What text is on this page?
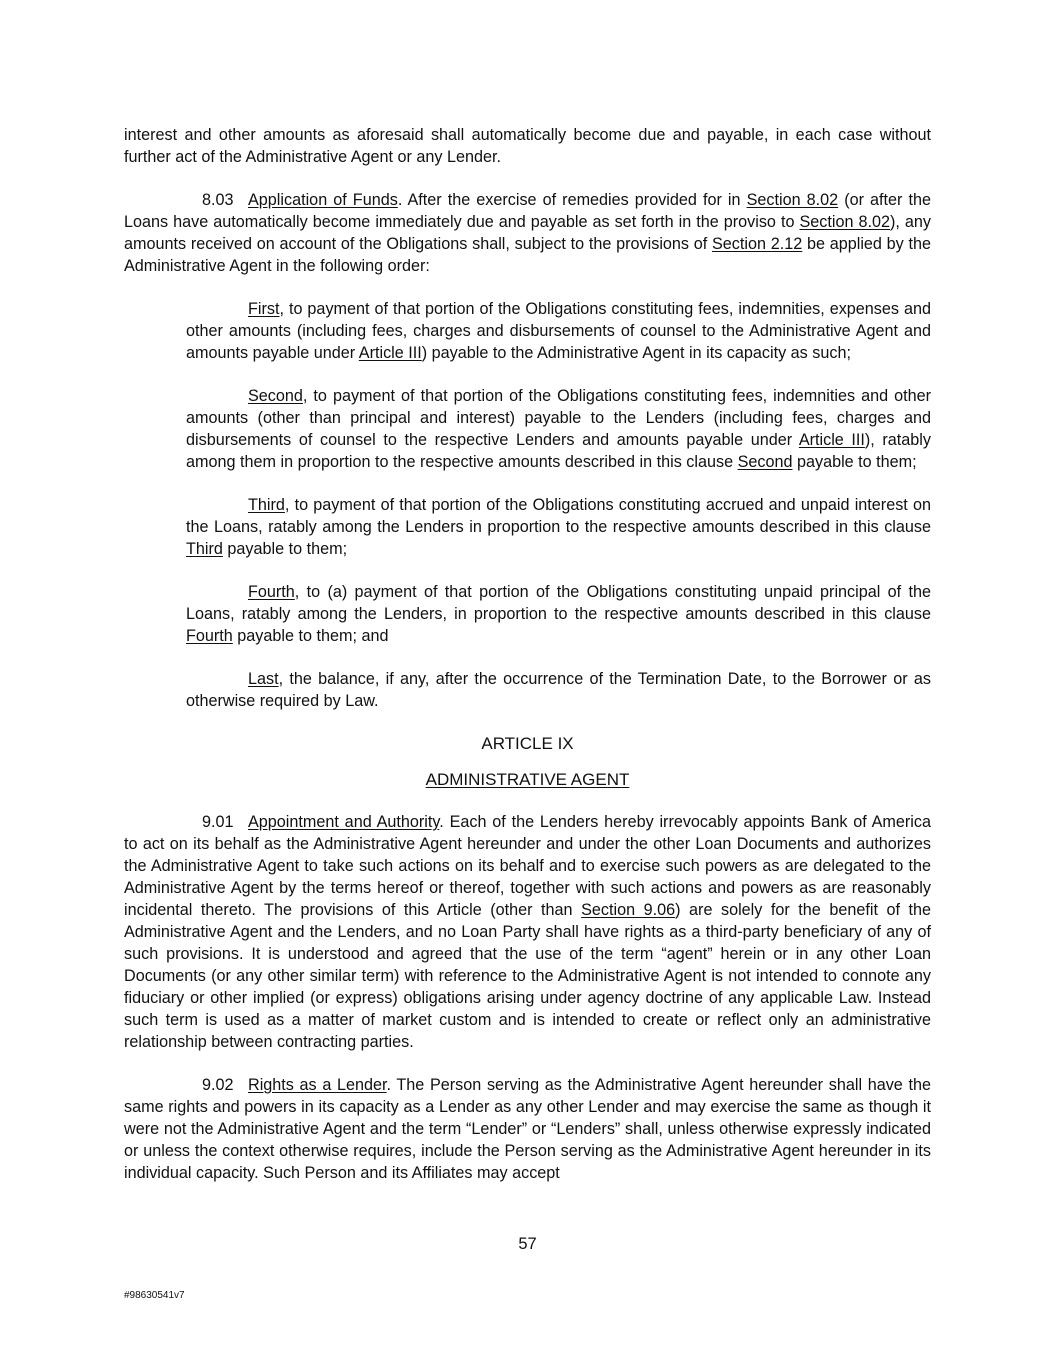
interest and other amounts as aforesaid shall automatically become due and payable, in each case without further act of the Administrative Agent or any Lender.

8.03 Application of Funds. After the exercise of remedies provided for in Section 8.02 (or after the Loans have automatically become immediately due and payable as set forth in the proviso to Section 8.02), any amounts received on account of the Obligations shall, subject to the provisions of Section 2.12 be applied by the Administrative Agent in the following order:

First, to payment of that portion of the Obligations constituting fees, indemnities, expenses and other amounts (including fees, charges and disbursements of counsel to the Administrative Agent and amounts payable under Article III) payable to the Administrative Agent in its capacity as such;

Second, to payment of that portion of the Obligations constituting fees, indemnities and other amounts (other than principal and interest) payable to the Lenders (including fees, charges and disbursements of counsel to the respective Lenders and amounts payable under Article III), ratably among them in proportion to the respective amounts described in this clause Second payable to them;

Third, to payment of that portion of the Obligations constituting accrued and unpaid interest on the Loans, ratably among the Lenders in proportion to the respective amounts described in this clause Third payable to them;

Fourth, to (a) payment of that portion of the Obligations constituting unpaid principal of the Loans, ratably among the Lenders, in proportion to the respective amounts described in this clause Fourth payable to them; and

Last, the balance, if any, after the occurrence of the Termination Date, to the Borrower or as otherwise required by Law.

ARTICLE IX

ADMINISTRATIVE AGENT

9.01 Appointment and Authority. Each of the Lenders hereby irrevocably appoints Bank of America to act on its behalf as the Administrative Agent hereunder and under the other Loan Documents and authorizes the Administrative Agent to take such actions on its behalf and to exercise such powers as are delegated to the Administrative Agent by the terms hereof or thereof, together with such actions and powers as are reasonably incidental thereto. The provisions of this Article (other than Section 9.06) are solely for the benefit of the Administrative Agent and the Lenders, and no Loan Party shall have rights as a third-party beneficiary of any of such provisions. It is understood and agreed that the use of the term “agent” herein or in any other Loan Documents (or any other similar term) with reference to the Administrative Agent is not intended to connote any fiduciary or other implied (or express) obligations arising under agency doctrine of any applicable Law. Instead such term is used as a matter of market custom and is intended to create or reflect only an administrative relationship between contracting parties.

9.02 Rights as a Lender. The Person serving as the Administrative Agent hereunder shall have the same rights and powers in its capacity as a Lender as any other Lender and may exercise the same as though it were not the Administrative Agent and the term “Lender” or “Lenders” shall, unless otherwise expressly indicated or unless the context otherwise requires, include the Person serving as the Administrative Agent hereunder in its individual capacity. Such Person and its Affiliates may accept

57
#98630541v7
